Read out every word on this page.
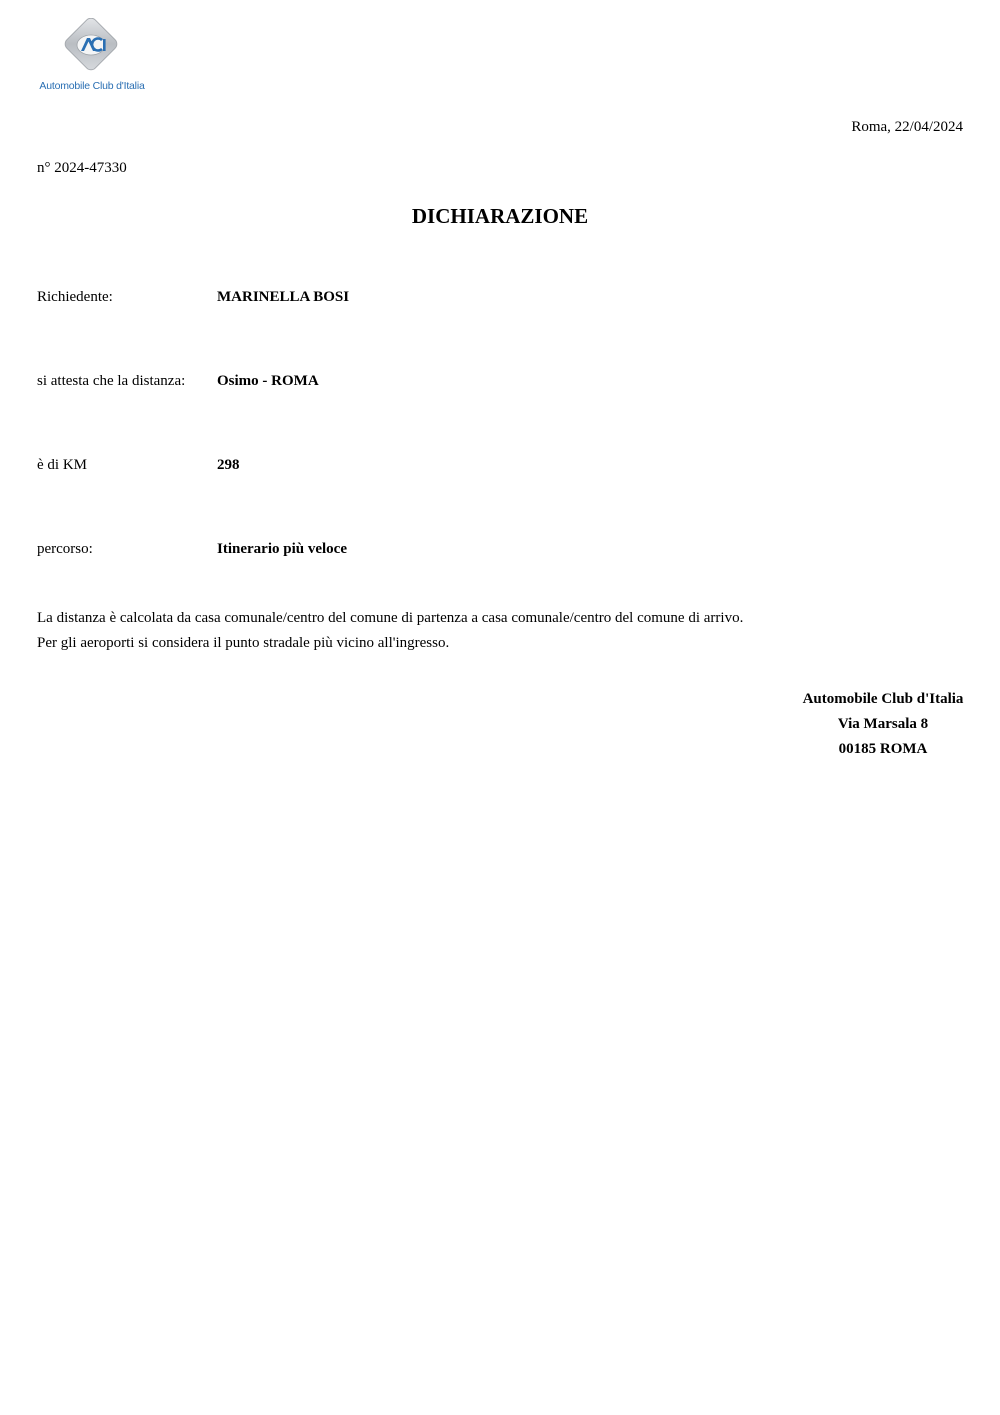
Automobile Club d'Italia
Roma, 22/04/2024
n° 2024-47330
DICHIARAZIONE
Richiedente:	MARINELLA BOSI
si attesta che la distanza: Osimo - ROMA
è di KM	298
percorso:	Itinerario più veloce
La distanza è calcolata da casa comunale/centro del comune di partenza a casa comunale/centro del comune di arrivo.
Per gli aeroporti si considera il punto stradale più vicino all'ingresso.
Automobile Club d'Italia
Via Marsala 8
00185 ROMA
